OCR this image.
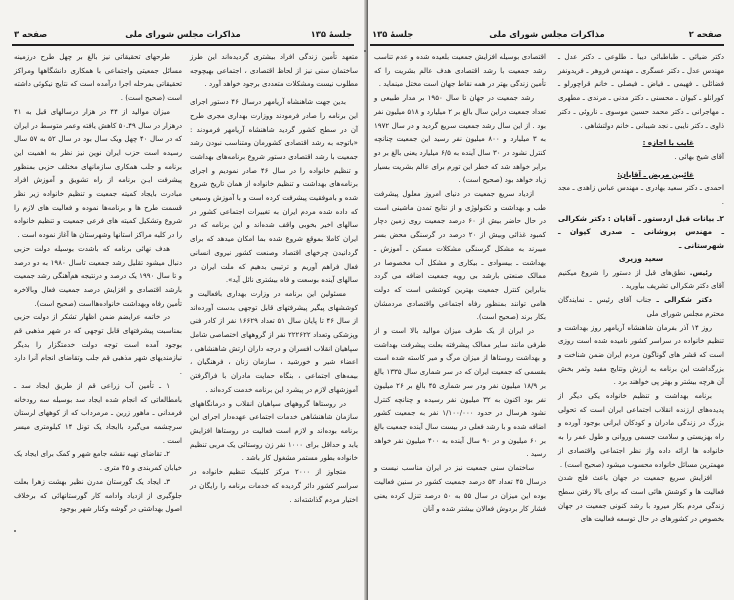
جلسهٔ ۱۳۵
مذاکرات مجلس شورای ملی
صفحه ۳

متعهد تأمین زندگی افراد بیشتری گردیده‌اند این طرز ساختمان سنی نیز از لحاظ اقتصادی ، اجتماعی بهیچوجه مطلوب نیست ومشکلات متعددی برجود خواهد آورد .

بدین جهت شاهنشاه آریامهر درسال ۴۶ دستور اجرای این برنامه را صادر فرمودند ووزارت بهداری مجری طرح آن در سطح کشور گردید شاهنشاه آریامهر فرمودند : «باتوجه به رشد اقتصادی کشورمان ومتناسب نبودن رشد جمعیت با رشد اقتصادی دستور شروع برنامه‌های بهداشت و تنظیم خانواده را در سال ۴۶ صادر نمودیم و اجرای برنامه‌های بهداشت و تنظیم خانواده از همان تاریخ شروع شده و باموفقیت پیشرفت کرده است و با آموزش وسیعی که داده شده مردم ایران به تغییرات اجتماعی کشور در سالهای اخیر بخوبی واقف شده‌اند و این برنامه که در ایران کاملا بموقع شروع شده بما امکان میدهد که برای گردانیدن چرخهای اقتصاد وصنعت کشور نیروی انسانی فعال فراهم آوریم و ترتیبی بدهیم که ملت ایران در سالهای آینده بوسعت و فاه بیشتری نائل آید».

مسئولین این برنامه در وزارت بهداری بافعالیت و کوششهای پیگیر پیشرفتهای قابل توجهی بدست آورده‌اند از سال ۴۶ تا پایان سال ۵۱ تعداد ۱۶۶۲۹ نفر از کادر فنی وپزشکی وتعداد ۲۲۲۶۲۲ نفر از گروههای اختصاصی شامل سپاهیان انقلاب افسران و درجه داران ارتش شاهنشاهی ، اعضاء شیر و خورشید ، سازمان زنان ، فرهنگیان ، بیمه‌های اجتماعی ، بنگاه حمایت مادران با فراگرفتن آموزشهای لازم در پیشرد این برنامه خدمت کرده‌اند .

در روستاها گروههای سپاهیان انقلاب و درمانگاههای سازمان شاهنشاهی خدمات اجتماعی عهده‌دار اجرای این برنامه بوده‌اند و لازم است فعالیت در روستاها افزایش یابد و حداقل برای ۱۰۰۰ نفر زن روستائی یک مربی تنظیم خانواده بطور مستمر مشغول کار باشد .

متجاوز از ۲۰۰۰ مرکز کلینیک تنظیم خانواده در سراسر کشور دائر گردیده که خدمات برنامه را رایگان در اختیار مردم گذاشته‌اند .

طرحهای تحقیقاتی نیز بالغ بر چهل طرح درزمینه مسائل جمعیتی واجتماعی با همکاری دانشگاهها ومراکز تحقیقاتی بمرحله اجرا درآمده است که نتایج نیکوئی داشته است (صحیح است) .

میزان موالید از ۴۴ در هزار درسالهای قبل به ۴۱ درهزار در سال ۴۹ـ۵۰ کاهش یافته وعمر متوسط در ایران که در سال ۴۰ چهل ویک سال بود در سال ۵۲ به ۵۷ سال رسیده است حزب ایران نوین نیز نظر به اهمیت این برنامه و جلب همکاری سازمانهای مختلف حزبی بمنظور پیشرفت ایـن برنامه از راه تشویق و آموزش افراد مبادرت بایجاد کمیته جمعیت و تنظیم خانواده زیر نظر قسمت طرح ها و برنامه‌ها نموده و فعالیت های لازم را شروع وتشکیل کمیته های فرعی جمعیت و تنظیم خانواده را در کلیه مراکز استانها وشهرستان ها آغاز نموده است .

هدف نهائی برنامه که باشدت بوسیله دولت حزبی دنبال میشود تقلیل رشد جمعیت تاسال ۱۹۸۰ به دو درصد و تا سال ۱۹۹۰ یک درصد و درنتیجه هم‌آهنگی رشد جمعیت بارشد اقتصادی و افزایش درصد جمعیت فعال وبالاخره تأمین رفاه وبهداشت خانواده‌هااست (صحیح است).

در خاتمه عرایضم ضمن اظهار تشکر از دولت حزبی بمناسبت پیشرفتهای قابل توجهی که در شهر مذهبی قم بوجود آمده است توجه دولت خدمتگزار را بدیگر نیازمندیهای شهر مذهبی قم جلب وتقاضای انجام آنرا دارد .

۱ ـ تأمین آب زراعی قم از طریق ایجاد سد ـ بامطالعاتی که انجام شده ایجاد سد بوسیله سه رودخانه فرمدانی ـ ماهور زرین ـ مرمرداب که از کوههای لرستان سرچشمه می‌گیرد باایجاد یک تونل ۱۴ کیلومتری میسر است .

۲ـ تقاضای تهیه نقشه جامع شهر و کمک برای ایجاد یک خیابان کمربندی و ۴۵ متری .

۳ـ ایجاد یک گورستان مدرن نظیر بهشت زهرا بعلت جلوگیری از ازدیاد وادامه کار گورستانهائی که برخلاف اصول بهداشتی در گوشه وکنار شهر بوجود

صفحه ۲
مذاکرات مجلس شورای ملی
جلسهٔ ۱۳۵

دکتر ضیائی ـ طباطبائی دیبا ـ طلوعی ـ دکتر عدل ـ مهندس عدل ـ دکتر عسگری ـ مهندس فروهر ـ فریدونفر فضائلی ـ فهیمی ـ فیاض ـ فیصلی ـ خانم قراچورلو ـ کورانلو ـ کیوان ـ محسنی ـ دکتر مدنی ـ مرندی ـ مطهری ـ مهاجرانی ـ دکتر محمد حسین موسوی ـ ناروئی ـ دکتر ذاوی ـ دکتر نایبی ـ نجد شیبانی ـ خانم دولتشاهی .

غایب با اجازه :

آقای شیخ بهائی .

غائبین مریض ـ آقایان:

احمدی ـ دکتر سعید بهادری ـ مهندس عباس زاهدی ـ مجد .

۲ـ بیانات قبل ازدستور ـ آقایان : دکتر شکرالی ـ مهندس پروشانی ـ صدری کیوان ـ شهرستانی ـ

سعید وزیری

رئیس. نطق‌های قبل از دستور را شروع میکنیم آقای دکتر شکرالی تشریف بیاورید .

دکتر شکرالی ـ جناب آقای رئیس ـ نمایندگان محترم مجلس شورای ملی

روز ۱۴ آذر بفرمان شاهنشاه آریامهر روز بهداشت و تنظیم خانواده در سراسر کشور نامیده شده است روزی است که قشر های گوناگون مردم ایران ضمن شناخت و بزرگداشت این برنامه به ارزش ونتایج مفید وثمر بخش آن هرچه بیشتر و بهتر پی خواهند برد .

برنامه بهداشت و تنظیم خانواده یکی دیگر از پدیده‌های ارزنده انقلاب اجتماعی ایران است که تحولی بزرگ در زندگی مادران و کودکان ایرانی بوجود آورده و راه بهزیستی و سلامت جسمی وروانی و طول عمر را به خانواده ها ارائه داده واز نظر اجتماعی واقتصادی از مهمترین مسائل خانواده محسوب میشود (صحیح است) .

افزایش سریع جمعیت در جهان باعث فلج شدن فعالیت ها و کوشش هائی است که برای بالا رفتن سطح زندگی مردم بکار میرود با رشد کنونی جمعیت در جهان بخصوص در کشورهای در حال توسعه فعالیت های

اقتصادی بوسیله افزایش جمعیت بلعیده شده و عدم تناسب رشد جمعیت با رشد اقتصادی هدف عالم بشریت را که تأمین زندگی بهتر در همه نقاط جهان است مختل مینماید .

رشد جمعیت در جهان تا سال ۱۹۵۰ بر مدار طبیعی و تعداد جمعیت دراین سال بالغ بر ۲ میلیارد و ۵۱۸ میلیون نفر بود . از این سال رشد جمعیت سریع گردید و در سال ۱۹۷۲ به ۳ میلیارد و ۸۰۰ میلیون نفر رسید این جمعیت چنانچه کنترل نشود در ۳۰ سال آینده به ۶/۵ میلیارد یعنی بالغ بر دو برابر خواهد شد که خطر این تورم برای عالم بشریت بسیار زیاد خواهد بود (صحیح است) .

ازدیاد سریع جمعیت در دنیای امروز معلول پیشرفت طب و بهداشت و تکنولوژی و از نتایج تمدن ماشینی است در حال حاضر بیش از ۶۰ درصد جمعیت روی زمین دچار کمبود غذائی وبیش از ۲۰ درصد در گرسنگی محض بسر میبرند به مشکل گرسنگی مشکلات مسکن ـ آموزش ـ بهداشت ـ بیسوادی ـ بیکاری و مشکل آب مخصوصا در ممالک صنعتی بارشد بی رویه جمعیت اضافه می گردد بنابراین کنترل جمعیت بهترین کوششی است که دولت هامی توانند بمنظور رفاه اجتماعی واقتصادی مردمشان بکار برند (صحیح است).

در ایران از یک طرف میزان موالید بالا است و از طرفی مانند سایر ممالک پیشرفته بعلت پیشرفت بهداشت و بهداشت روستاها از میزان مرگ و میر کاسته شده است بقسمی که جمعیت ایران که در سر شماری سال ۱۳۳۵ بالغ بر ۱۸/۹ میلیون نفر ودر سر شماری ۴۵ بالغ بر ۲۶ میلیون نفر بود اکنون به ۳۲ میلیون نفر رسیده و چنانچه کنترل نشود هرسال در حدود ۱/۱۰۰/۰۰۰ نفر به جمعیت کشور اضافه شده و با رشد فعلی در بیست سال آینده جمعیت بالغ بر ۶۰ میلیون و در ۹۰ سال آینده به ۴۰۰ میلیون نفر خواهد رسید .

ساختمان سنی جمعیت نیز در ایران مناسب نیست و درسال ۴۵ تعداد ۵۳ درصد جمعیت کشور در سنین فعالیت بوده این میزان در سال ۵۵ به ۵۰ درصد تنزل کرده یعنی فشار کار بردوش فعالان بیشتر شده و آنان
